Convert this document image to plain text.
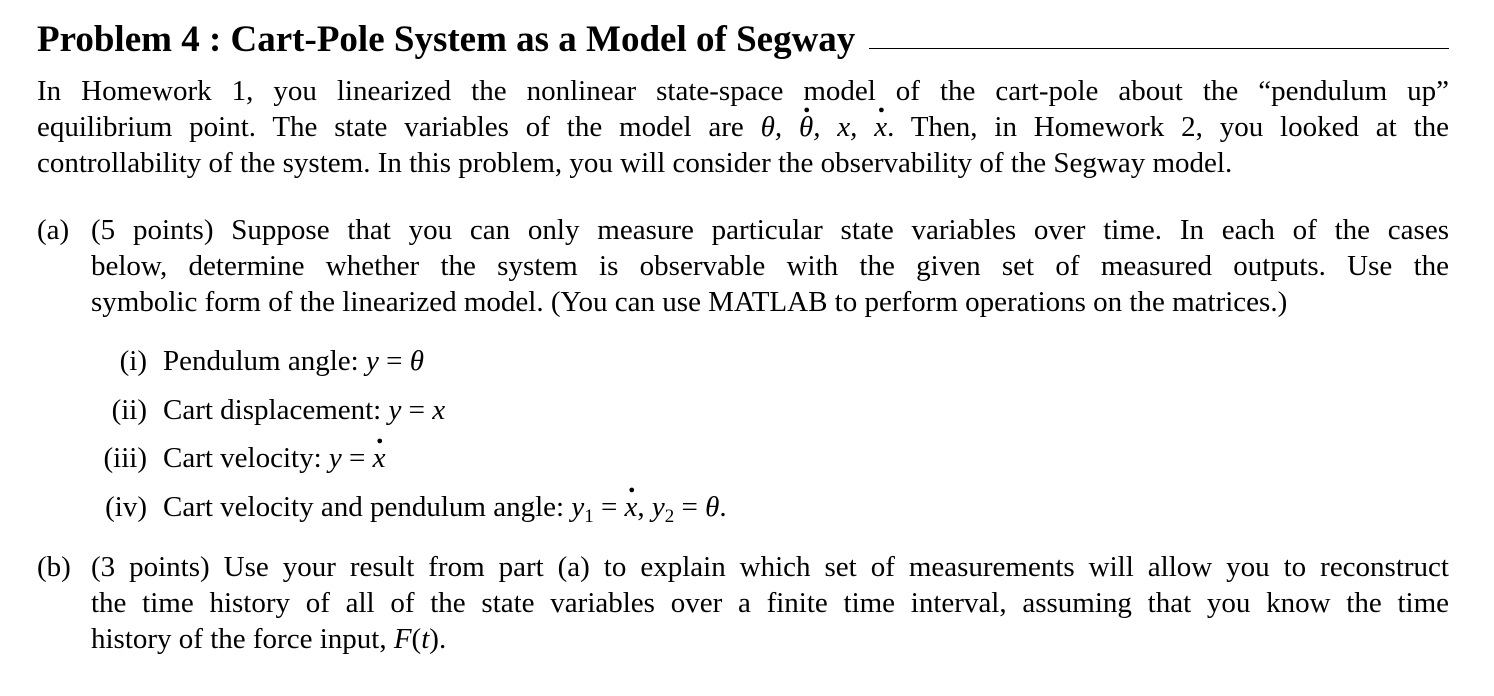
Problem 4 : Cart-Pole System as a Model of Segway
In Homework 1, you linearized the nonlinear state-space model of the cart-pole about the “pendulum up”
equilibrium point. The state variables of the model are θ, θ ., x, x .. Then, in Homework 2, you looked at the
controllability of the system. In this problem, you will consider the observability of the Segway model.
(a) (5 points) Suppose that you can only measure particular state variables over time. In each of the cases
below, determine whether the system is observable with the given set of measured outputs. Use the
symbolic form of the linearized model. (You can use MATLAB to perform operations on the matrices.)
(i) Pendulum angle: y = θ
(ii) Cart displacement: y = x
(iii) Cart velocity: y = x .
(iv) Cart velocity and pendulum angle: $y_1 = x$ ., $y_2 = \theta$.
(b) (3 points) Use your result from part (a) to explain which set of measurements will allow you to reconstruct
the time history of all of the state variables over a finite time interval, assuming that you know the time
history of the force input, F(t).
